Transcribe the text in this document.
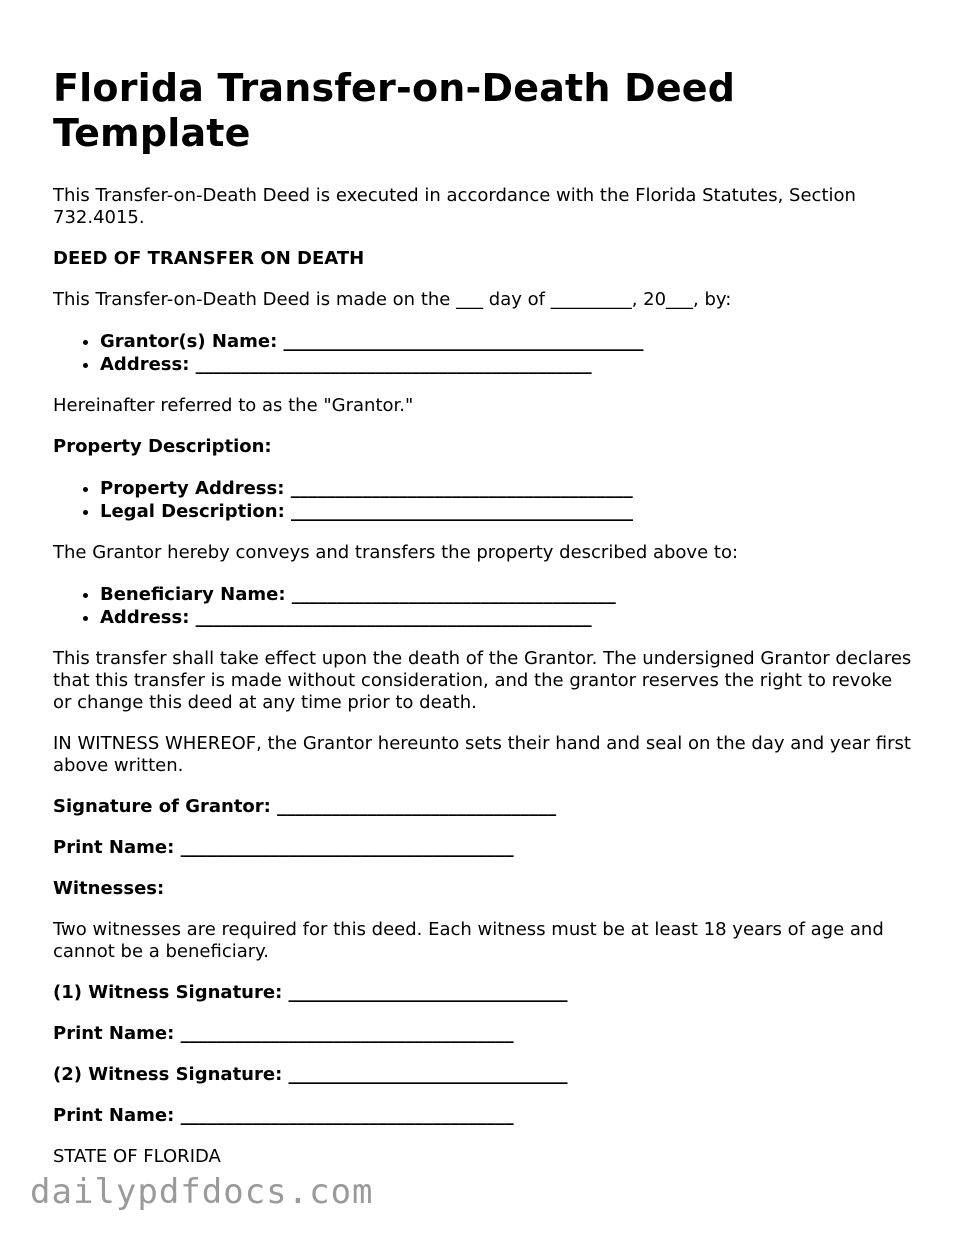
Florida Transfer-on-Death Deed Template

This Transfer-on-Death Deed is executed in accordance with the Florida Statutes, Section 732.4015.

DEED OF TRANSFER ON DEATH

This Transfer-on-Death Deed is made on the ___ day of _________, 20___, by:

• Grantor(s) Name: ________________________________________
• Address: ____________________________________________

Hereinafter referred to as the "Grantor."

Property Description:

• Property Address: ______________________________________
• Legal Description: ______________________________________

The Grantor hereby conveys and transfers the property described above to:

• Beneficiary Name: ____________________________________
• Address: ____________________________________________

This transfer shall take effect upon the death of the Grantor. The undersigned Grantor declares that this transfer is made without consideration, and the grantor reserves the right to revoke or change this deed at any time prior to death.

IN WITNESS WHEREOF, the Grantor hereunto sets their hand and seal on the day and year first above written.

Signature of Grantor: _______________________________

Print Name: _____________________________________

Witnesses:

Two witnesses are required for this deed. Each witness must be at least 18 years of age and cannot be a beneficiary.

(1) Witness Signature: _______________________________

Print Name: _____________________________________

(2) Witness Signature: _______________________________

Print Name: _____________________________________

STATE OF FLORIDA

dailypdfdocs.com
